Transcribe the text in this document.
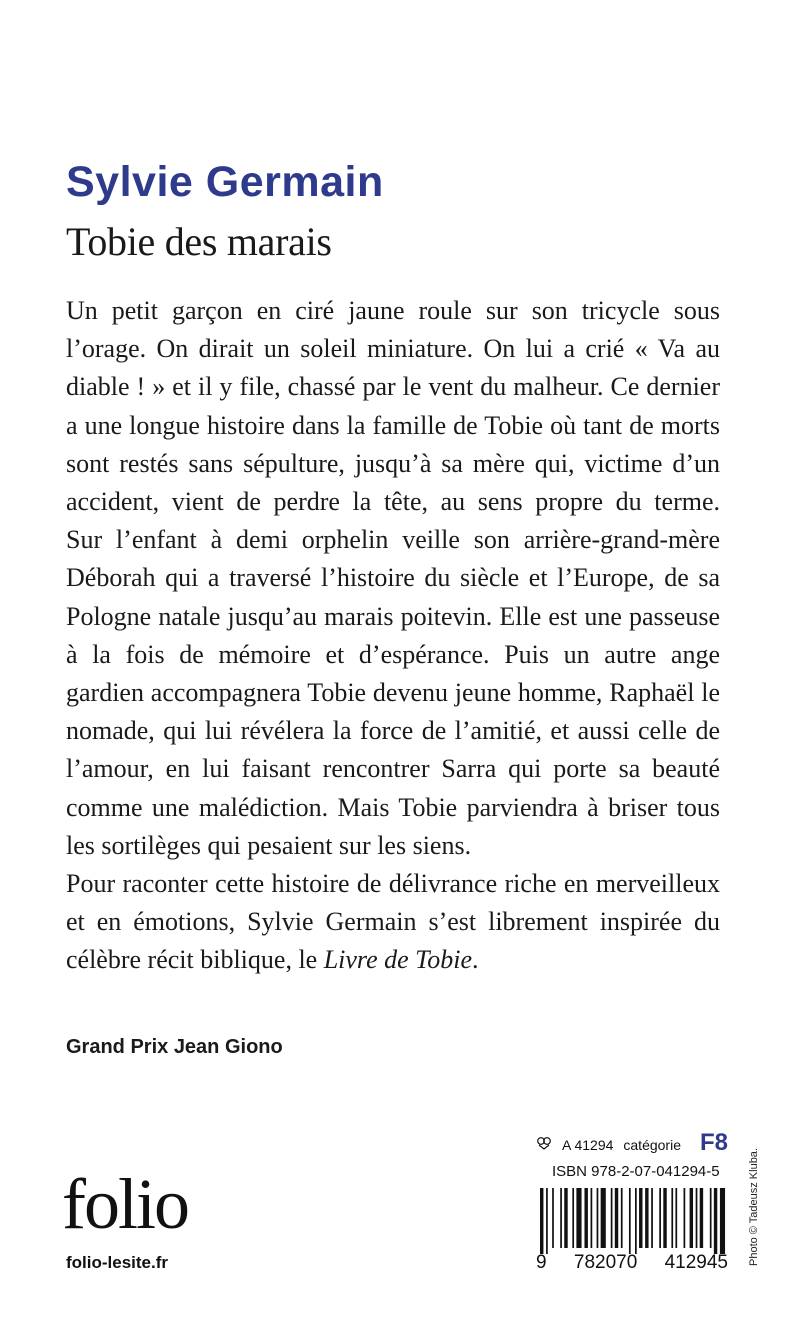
Sylvie Germain
Tobie des marais

Un petit garçon en ciré jaune roule sur son tricycle sous l’orage. On dirait un soleil miniature. On lui a crié « Va au diable ! » et il y file, chassé par le vent du malheur. Ce dernier a une longue histoire dans la famille de Tobie où tant de morts sont restés sans sépulture, jusqu’à sa mère qui, victime d’un accident, vient de perdre la tête, au sens propre du terme.

Sur l’enfant à demi orphelin veille son arrière-grand-mère Déborah qui a traversé l’histoire du siècle et l’Europe, de sa Pologne natale jusqu’au marais poitevin. Elle est une passeuse à la fois de mémoire et d’espérance. Puis un autre ange gardien accompagnera Tobie devenu jeune homme, Raphaël le nomade, qui lui révélera la force de l’amitié, et aussi celle de l’amour, en lui faisant rencontrer Sarra qui porte sa beauté comme une malédiction. Mais Tobie parviendra à briser tous les sortilèges qui pesaient sur les siens.

Pour raconter cette histoire de délivrance riche en merveilleux et en émotions, Sylvie Germain s’est librement inspirée du célèbre récit biblique, le Livre de Tobie.

Grand Prix Jean Giono
folio
folio-lesite.fr
A 41294 catégorie F8
ISBN 978-2-07-041294-5
9 782070 412945 Photo © Tadeusz Kluba.
